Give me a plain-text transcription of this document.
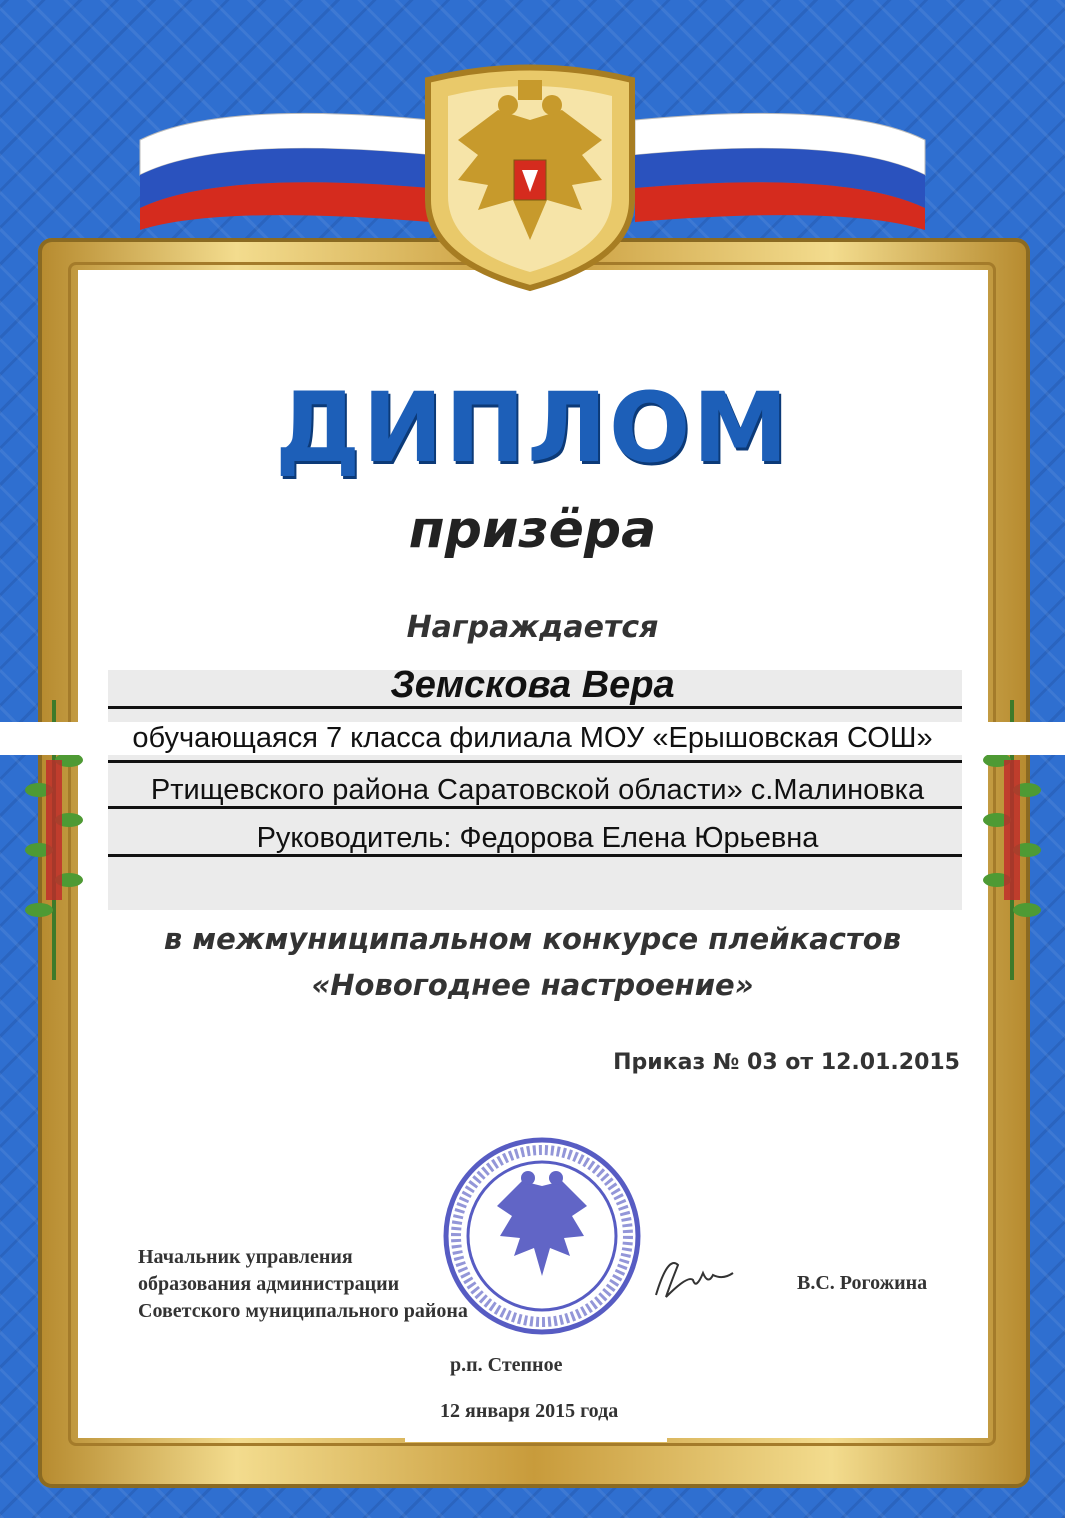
ДИПЛОМ
призёра
Награждается
Земскова Вера
обучающаяся 7 класса филиала МОУ «Ерышовская СОШ»
Ртищевского района Саратовской области» с.Малиновка
Руководитель: Федорова Елена Юрьевна
в межмуниципальном конкурсе плейкастов
«Новогоднее настроение»
Приказ № 03 от 12.01.2015
Начальник управления
образования администрации
Советского муниципального района
В.С. Рогожина
р.п. Степное
12 января 2015 года
